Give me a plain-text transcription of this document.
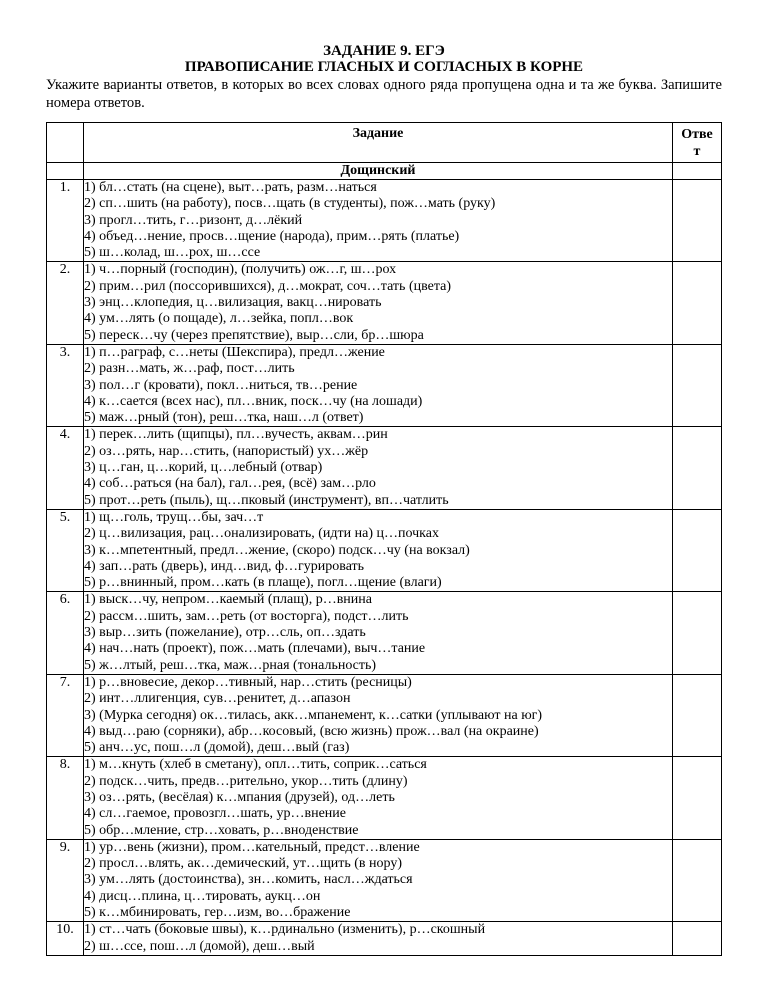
ЗАДАНИЕ 9. ЕГЭ
ПРАВОПИСАНИЕ ГЛАСНЫХ И СОГЛАСНЫХ В КОРНЕ
Укажите варианты ответов, в которых во всех словах одного ряда пропущена одна и та же буква. Запишите номера ответов.
	Задание	Отве
т
	Дощинский	

1.	1) бл…стать (на сцене), выт…рать, разм…наться
2) сп…шить (на работу), посв…щать (в студенты), пож…мать (руку)
3) прогл…тить, г…ризонт, д…лёкий
4) объед…нение, просв…щение (народа), прим…рять (платье)
5) ш…колад, ш…рох, ш…ссе	

2.	1) ч…порный (господин), (получить) ож…г, ш…рох
2) прим…рил (поссорившихся), д…мократ, соч…тать (цвета)
3) энц…клопедия, ц…вилизация, вакц…нировать
4) ум…лять (о пощаде), л…зейка, попл…вок
5) переск…чу (через препятствие), выр…сли, бр…шюра	

3.	1) п…раграф, с…неты (Шекспира), предл…жение
2) разн…мать, ж…раф, пост…лить
3) пол…г (кровати), покл…ниться, тв…рение
4) к…сается (всех нас), пл…вник, поск…чу (на лошади)
5) маж…рный (тон), реш…тка, наш…л (ответ)	

4.	1) перек…лить (щипцы), пл…вучесть, аквам…рин
2) оз…рять, нар…стить, (напористый) ух…жёр
3) ц…ган, ц…корий, ц…лебный (отвар)
4) соб…раться (на бал), гал…рея, (всё) зам…рло
5) прот…реть (пыль), щ…пковый (инструмент), вп…чатлить	

5.	1) щ…голь, трущ…бы, зач…т
2) ц…вилизация, рац…онализировать, (идти на) ц…почках
3) к…мпетентный, предл…жение, (скоро) подск…чу (на вокзал)
4) зап…рать (дверь), инд…вид, ф…гурировать
5) р…внинный, пром…кать (в плаще), погл…щение (влаги)	

6.	1) выск…чу, непром…каемый (плащ), р…внина
2) рассм…шить, зам…реть (от восторга), подст…лить
3) выр…зить (пожелание), отр…сль, оп…здать
4) нач…нать (проект), пож…мать (плечами), выч…тание
5) ж…лтый, реш…тка, маж…рная (тональность)	

7.	1) р…вновесие, декор…тивный, нар…стить (ресницы)
2) инт…ллигенция, сув…ренитет, д…апазон
3) (Мурка сегодня) ок…тилась, акк…мпанемент, к…сатки (уплывают на юг)
4) выд…раю (сорняки), абр…косовый, (всю жизнь) прож…вал (на окраине)
5) анч…ус, пош…л (домой), деш…вый (газ)	

8.	1) м…кнуть (хлеб в сметану), опл…тить, соприк…саться
2) подск…чить, предв…рительно, укор…тить (длину)
3) оз…рять, (весёлая) к…мпания (друзей), од…леть
4) сл…гаемое, провозгл…шать, ур…внение
5) обр…мление, стр…ховать, р…вноденствие	

9.	1) ур…вень (жизни), пром…кательный, предст…вление
2) просл…влять, ак…демический, ут…щить (в нору)
3) ум…лять (достоинства), зн…комить, насл…ждаться
4) дисц…плина, ц…тировать, аукц…он
5) к…мбинировать, гер…изм, во…бражение	

10.	1) ст…чать (боковые швы), к…рдинально (изменить), р…скошный
2) ш…ссе, пош…л (домой), деш…вый	
